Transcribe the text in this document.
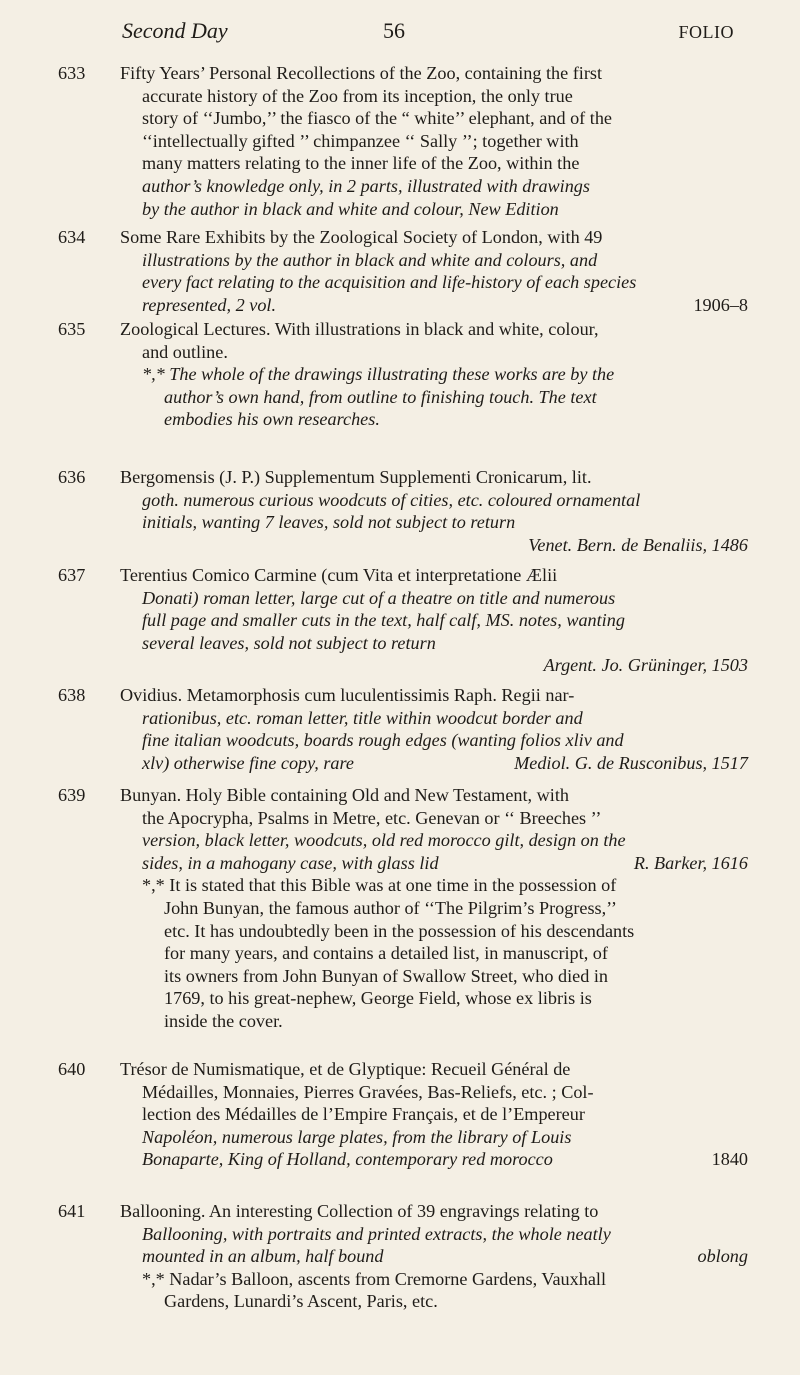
Second Day	56	FOLIO
633	Fifty Years’ Personal Recollections of the Zoo, containing the first
accurate history of the Zoo from its inception, the only true
story of ‘‘Jumbo,’’ the fiasco of the “ white’’ elephant, and of the
‘‘intellectually gifted ’’ chimpanzee ‘‘ Sally ’’; together with
many matters relating to the inner life of the Zoo, within the
author’s knowledge only, in 2 parts, illustrated with drawings
by the author in black and white and colour, New Edition
634	Some Rare Exhibits by the Zoological Society of London, with 49
illustrations by the author in black and white and colours, and
every fact relating to the acquisition and life-history of each species
represented, 2 vol.	1906–8
635	Zoological Lectures. With illustrations in black and white, colour,
and outline.
*,* The whole of the drawings illustrating these works are by the
author’s own hand, from outline to finishing touch. The text
embodies his own researches.
636	Bergomensis (J. P.) Supplementum Supplementi Cronicarum, lit.
goth. numerous curious woodcuts of cities, etc. coloured ornamental
initials, wanting 7 leaves, sold not subject to return
Venet. Bern. de Benaliis, 1486
637	Terentius Comico Carmine (cum Vita et interpretatione Ælii
Donati) roman letter, large cut of a theatre on title and numerous
full page and smaller cuts in the text, half calf, MS. notes, wanting
several leaves, sold not subject to return
Argent. Jo. Grüninger, 1503
638	Ovidius. Metamorphosis cum luculentissimis Raph. Regii nar-
rationibus, etc. roman letter, title within woodcut border and
fine italian woodcuts, boards rough edges (wanting folios xliv and
xlv) otherwise fine copy, rare	Mediol. G. de Rusconibus, 1517
639	Bunyan. Holy Bible containing Old and New Testament, with
the Apocrypha, Psalms in Metre, etc. Genevan or ‘‘ Breeches ’’
version, black letter, woodcuts, old red morocco gilt, design on the
sides, in a mahogany case, with glass lid	R. Barker, 1616
*,* It is stated that this Bible was at one time in the possession of
John Bunyan, the famous author of ‘‘The Pilgrim’s Progress,’’
etc. It has undoubtedly been in the possession of his descendants
for many years, and contains a detailed list, in manuscript, of
its owners from John Bunyan of Swallow Street, who died in
1769, to his great-nephew, George Field, whose ex libris is
inside the cover.
640	Trésor de Numismatique, et de Glyptique: Recueil Général de
Médailles, Monnaies, Pierres Gravées, Bas-Reliefs, etc. ; Col-
lection des Médailles de l’Empire Français, et de l’Empereur
Napoléon, numerous large plates, from the library of Louis
Bonaparte, King of Holland, contemporary red morocco	1840
641	Ballooning. An interesting Collection of 39 engravings relating to
Ballooning, with portraits and printed extracts, the whole neatly
mounted in an album, half bound	oblong
*,* Nadar’s Balloon, ascents from Cremorne Gardens, Vauxhall
Gardens, Lunardi’s Ascent, Paris, etc.
